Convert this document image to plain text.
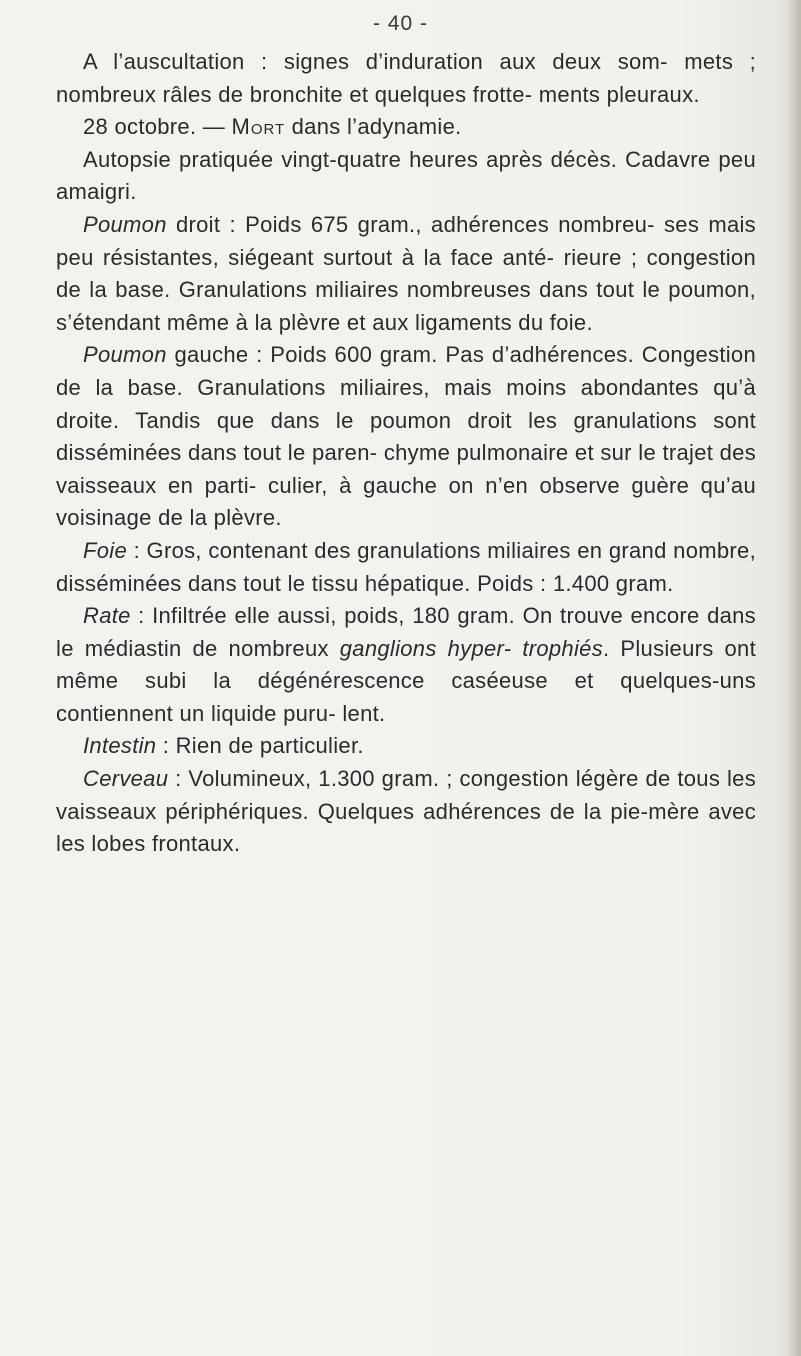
- 40 -

A l’auscultation : signes d’induration aux deux som- mets ; nombreux râles de bronchite et quelques frotte- ments pleuraux.

28 octobre. — Mort dans l’adynamie.

Autopsie pratiquée vingt-quatre heures après décès. Cadavre peu amaigri.

Poumon droit : Poids 675 gram., adhérences nombreu- ses mais peu résistantes, siégeant surtout à la face anté- rieure ; congestion de la base. Granulations miliaires nombreuses dans tout le poumon, s’étendant même à la plèvre et aux ligaments du foie.

Poumon gauche : Poids 600 gram. Pas d’adhérences. Congestion de la base. Granulations miliaires, mais moins abondantes qu’à droite. Tandis que dans le poumon droit les granulations sont disséminées dans tout le paren- chyme pulmonaire et sur le trajet des vaisseaux en parti- culier, à gauche on n’en observe guère qu’au voisinage de la plèvre.

Foie : Gros, contenant des granulations miliaires en grand nombre, disséminées dans tout le tissu hépatique. Poids : 1.400 gram.

Rate : Infiltrée elle aussi, poids, 180 gram. On trouve encore dans le médiastin de nombreux ganglions hyper- trophiés. Plusieurs ont même subi la dégénérescence caséeuse et quelques-uns contiennent un liquide puru- lent.

Intestin : Rien de particulier.

Cerveau : Volumineux, 1.300 gram. ; congestion légère de tous les vaisseaux périphériques. Quelques adhérences de la pie-mère avec les lobes frontaux.
